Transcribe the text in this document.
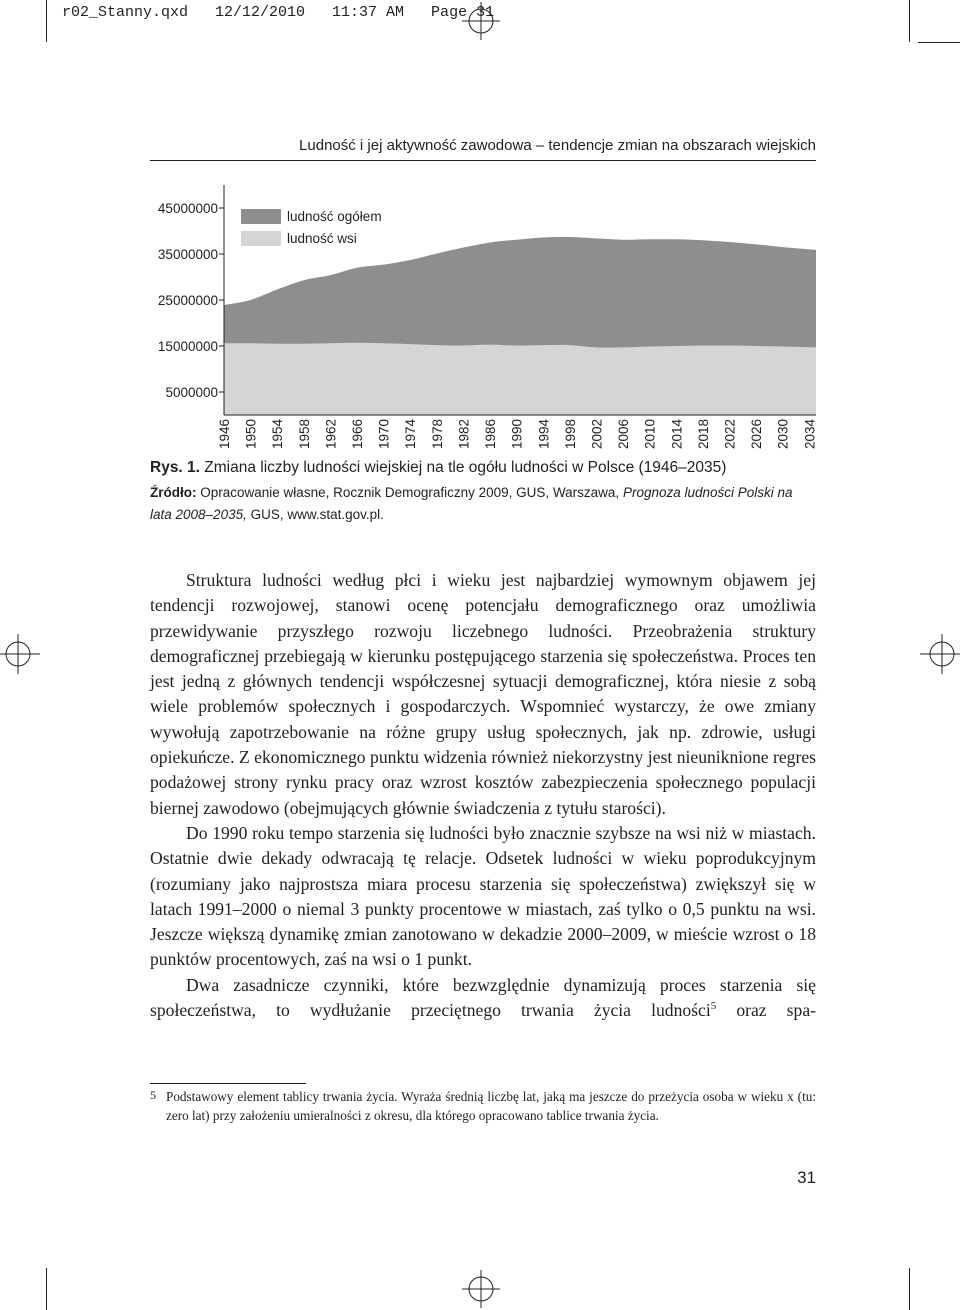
r02_Stanny.qxd   12/12/2010   11:37 AM   Page 31
Ludność i jej aktywność zawodowa – tendencje zmian na obszarach wiejskich
45000000
35000000
25000000
15000000
5000000
1946 1950 1954 1958 1962 1966 1970 1974 1978 1982 1986 1990 1994 1998 2002 2006 2010 2014 2018 2022 2026 2030 2034
ludność ogółem
ludność wsi
Rys. 1. Zmiana liczby ludności wiejskiej na tle ogółu ludności w Polsce (1946–2035)
Źródło: Opracowanie własne, Rocznik Demograficzny 2009, GUS, Warszawa, Prognoza ludności Polski na lata 2008–2035, GUS, www.stat.gov.pl.

Struktura ludności według płci i wieku jest najbardziej wymownym objawem jej tendencji rozwojowej, stanowi ocenę potencjału demograficznego oraz umożliwia przewidywanie przyszłego rozwoju liczebnego ludności. Przeobrażenia struktury demograficznej przebiegają w kierunku postępującego starzenia się społeczeństwa. Proces ten jest jedną z głównych tendencji współczesnej sytuacji demograficznej, która niesie z sobą wiele problemów społecznych i gospodarczych. Wspomnieć wystarczy, że owe zmiany wywołują zapotrzebowanie na różne grupy usług społecznych, jak np. zdrowie, usługi opiekuńcze. Z ekonomicznego punktu widzenia również niekorzystny jest nieuniknione regres podażowej strony rynku pracy oraz wzrost kosztów zabezpieczenia społecznego populacji biernej zawodowo (obejmujących głównie świadczenia z tytułu starości).

Do 1990 roku tempo starzenia się ludności było znacznie szybsze na wsi niż w miastach. Ostatnie dwie dekady odwracają tę relacje. Odsetek ludności w wieku poprodukcyjnym (rozumiany jako najprostsza miara procesu starzenia się społeczeństwa) zwiększył się w latach 1991–2000 o niemal 3 punkty procentowe w miastach, zaś tylko o 0,5 punktu na wsi. Jeszcze większą dynamikę zmian zanotowano w dekadzie 2000–2009, w mieście wzrost o 18 punktów procentowych, zaś na wsi o 1 punkt.

Dwa zasadnicze czynniki, które bezwzględnie dynamizują proces starzenia się społeczeństwa, to wydłużanie przeciętnego trwania życia ludności$^5$ oraz spa-

5 Podstawowy element tablicy trwania życia. Wyraża średnią liczbę lat, jaką ma jeszcze do przeżycia osoba w wieku x (tu: zero lat) przy założeniu umieralności z okresu, dla którego opracowano tablice trwania życia.
31
